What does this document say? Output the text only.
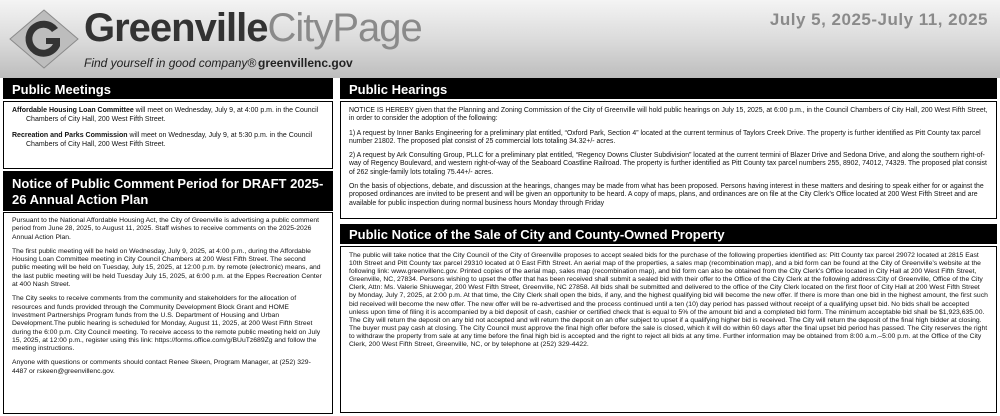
GreenvilleCityPage
Find yourself in good company® greenvillenc.gov
July 5, 2025-July 11, 2025
Public Meetings

Affordable Housing Loan Committee will meet on Wednesday, July 9, at 4:00 p.m. in the Council Chambers of City Hall, 200 West Fifth Street.

Recreation and Parks Commission will meet on Wednesday, July 9, at 5:30 p.m. in the Council Chambers of City Hall, 200 West Fifth Street.

Notice of Public Comment Period for DRAFT 2025-26 Annual Action Plan

Pursuant to the National Affordable Housing Act, the City of Greenville is advertising a public comment period from June 28, 2025, to August 11, 2025. Staff wishes to receive comments on the 2025-2026 Annual Action Plan.

The first public meeting will be held on Wednesday, July 9, 2025, at 4:00 p.m., during the Affordable Housing Loan Committee meeting in City Council Chambers at 200 West Fifth Street. The second public meeting will be held on Tuesday, July 15, 2025, at 12:00 p.m. by remote (electronic) means, and the last public meeting will be held Tuesday July 15, 2025, at 6:00 p.m. at the Eppes Recreation Center at 400 Nash Street.

The City seeks to receive comments from the community and stakeholders for the allocation of resources and funds provided through the Community Development Block Grant and HOME Investment Partnerships Program funds from the U.S. Department of Housing and Urban Development.The public hearing is scheduled for Monday, August 11, 2025, at 200 West Fifth Street during the 6:00 p.m. City Council meeting. To receive access to the remote public meeting held on July 15, 2025, at 12:00 p.m., register using this link: https://forms.office.com/g/BUuTz689Zg and follow the meeting instructions.

Anyone with questions or comments should contact Renee Skeen, Program Manager, at (252) 329-4487 or rskeen@greenvillenc.gov.

Public Hearings

NOTICE IS HEREBY given that the Planning and Zoning Commission of the City of Greenville will hold public hearings on July 15, 2025, at 6:00 p.m., in the Council Chambers of City Hall, 200 West Fifth Street, in order to consider the adoption of the following:

1) A request by Inner Banks Engineering for a preliminary plat entitled, “Oxford Park, Section 4” located at the current terminus of Taylors Creek Drive. The property is further identified as Pitt County tax parcel number 21802. The proposed plat consist of 25 commercial lots totaling 34.32+/- acres.

2) A request by Ark Consulting Group, PLLC for a preliminary plat entitled, “Regency Downs Cluster Subdivision” located at the current termini of Blazer Drive and Sedona Drive, and along the southern right-of-way of Regency Boulevard, and western right-of-way of the Seaboard Coastline Railroad. The property is further identified as Pitt County tax parcel numbers 255, 8902, 74012, 74329. The proposed plat consist of 262 single-family lots totaling 75.44+/- acres.

On the basis of objections, debate, and discussion at the hearings, changes may be made from what has been proposed. Persons having interest in these matters and desiring to speak either for or against the proposed ordinances are invited to be present and will be given an opportunity to be heard. A copy of maps, plans, and ordinances are on file at the City Clerk’s Office located at 200 West Fifth Street and are available for public inspection during normal business hours Monday through Friday

Public Notice of the Sale of City and County-Owned Property

The public will take notice that the City Council of the City of Greenville proposes to accept sealed bids for the purchase of the following properties identified as: Pitt County tax parcel 29072 located at 2815 East 10th Street and Pitt County tax parcel 29310 located at 0 East Fifth Street. An aerial map of the properties, a sales map (recombination map), and a bid form can be found at the City of Greenville’s website at the following link: www.greenvillenc.gov. Printed copies of the aerial map, sales map (recombination map), and bid form can also be obtained from the City Clerk’s Office located in City Hall at 200 West Fifth Street, Greenville, NC, 27834. Persons wishing to upset the offer that has been received shall submit a sealed bid with their offer to the Office of the City Clerk at the following address:City of Greenville, Office of the City Clerk, Attn: Ms. Valerie Shiuwegar, 200 West Fifth Street, Greenville, NC 27858. All bids shall be submitted and delivered to the office of the City Clerk located on the first floor of City Hall at 200 West Fifth Street by Monday, July 7, 2025, at 2:00 p.m. At that time, the City Clerk shall open the bids, if any, and the highest qualifying bid will become the new offer. If there is more than one bid in the highest amount, the first such bid received will become the new offer. The new offer will be re-advertised and the process continued until a ten (10) day period has passed without receipt of a qualifying upset bid. No bids shall be accepted unless upon time of filing it is accompanied by a bid deposit of cash, cashier or certified check that is equal to 5% of the amount bid and a completed bid form. The minimum acceptable bid shall be $1,923,635.00. The City will return the deposit on any bid not accepted and will return the deposit on an offer subject to upset if a qualifying higher bid is received. The City will return the deposit of the final high bidder at closing. The buyer must pay cash at closing. The City Council must approve the final high offer before the sale is closed, which it will do within 60 days after the final upset bid period has passed. The City reserves the right to withdraw the property from sale at any time before the final high bid is accepted and the right to reject all bids at any time. Further information may be obtained from 8:00 a.m.–5:00 p.m. at the Office of the City Clerk, 200 West Fifth Street, Greenville, NC, or by telephone at (252) 329-4422.
